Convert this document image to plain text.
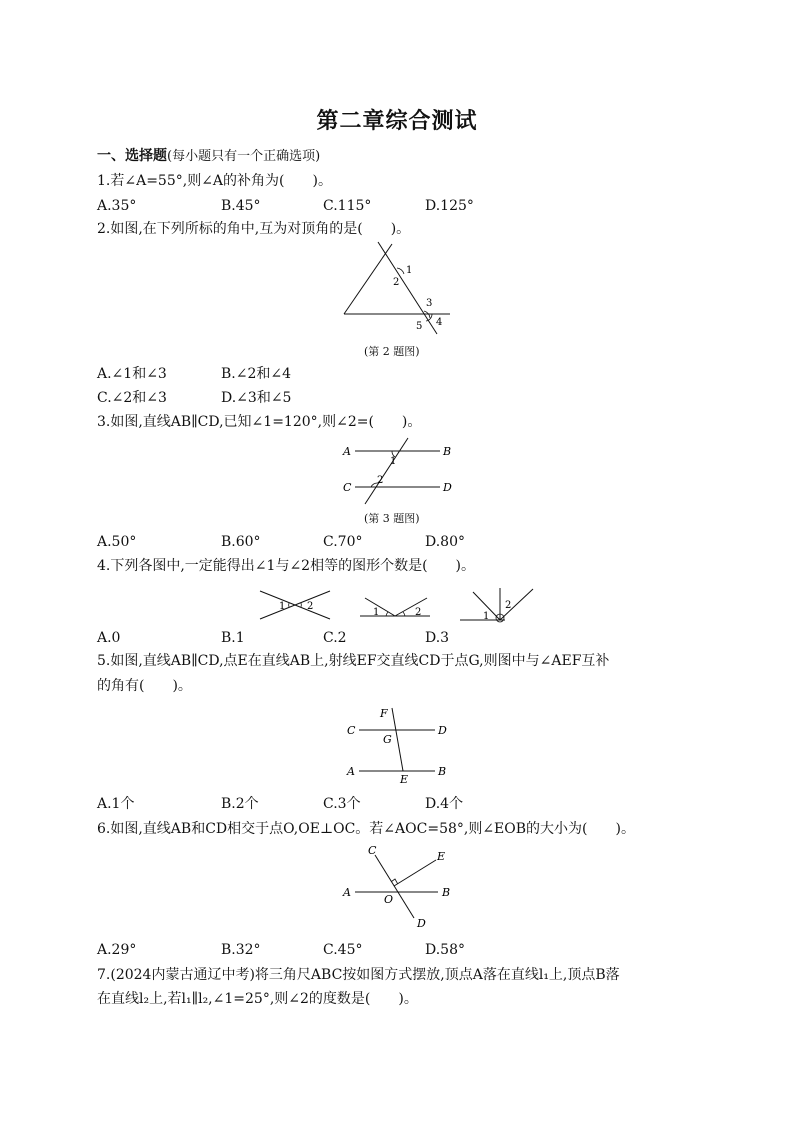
第二章综合测试
一、选择题(每小题只有一个正确选项)
1.若∠A=55°,则∠A的补角为(　　)。
A.35°	B.45°	C.115°	D.125°
2.如图,在下列所标的角中,互为对顶角的是(　　)。
1
2
3
4
5
(第 2 题图)
A.∠1和∠3	B.∠2和∠4
C.∠2和∠3	D.∠3和∠5
3.如图,直线AB∥CD,已知∠1=120°,则∠2=(　　)。
A	B
C	D
1
2
(第 3 题图)
A.50°	B.60°	C.70°	D.80°
4.下列各图中,一定能得出∠1与∠2相等的图形个数是(　　)。
1 2
1	2	1
2
A.0	B.1	C.2	D.3
5.如图,直线AB∥CD,点E在直线AB上,射线EF交直线CD于点G,则图中与∠AEF互补
的角有(　　)。
F
C
G
D
A
E
B
A.1个	B.2个	C.3个	D.4个
6.如图,直线AB和CD相交于点O,OE⊥OC。若∠AOC=58°,则∠EOB的大小为(　　)。
C	E
A
O
B
D
A.29°	B.32°	C.45°	D.58°
7.(2024内蒙古通辽中考)将三角尺ABC按如图方式摆放,顶点A落在直线l₁上,顶点B落
在直线l₂上,若l₁∥l₂,∠1=25°,则∠2的度数是(　　)。
